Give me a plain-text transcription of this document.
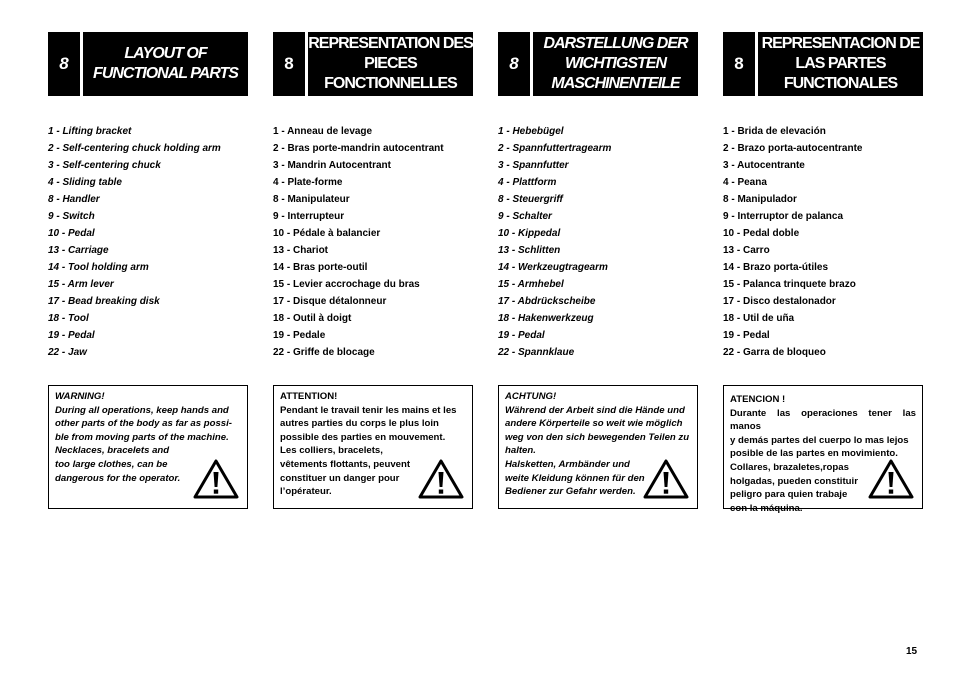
8
LAYOUT OF
FUNCTIONAL PARTS
1 - Lifting bracket
2 - Self-centering chuck holding arm
3 - Self-centering chuck
4 - Sliding table
8 - Handler
9 - Switch
10 - Pedal
13 - Carriage
14 - Tool holding arm
15 - Arm lever
17 - Bead breaking disk
18 - Tool
19 - Pedal
22 - Jaw

WARNING!

During all operations, keep hands and

other parts of the body as far as possi-

ble from moving parts of the machine.

Necklaces, bracelets and

too large clothes, can be

dangerous for the operator.

8
REPRESENTATION DES
PIECES
FONCTIONNELLES
1 - Anneau de levage
2 - Bras porte-mandrin autocentrant
3 - Mandrin Autocentrant
4 - Plate-forme
8 - Manipulateur
9 - Interrupteur
10 - Pédale à balancier
13 - Chariot
14 - Bras porte-outil
15 - Levier accrochage du bras
17 - Disque détalonneur
18 - Outil à doigt
19 - Pedale
22 - Griffe de blocage

ATTENTION!

Pendant le travail tenir les mains et les

autres parties du corps le plus loin

possible des parties en mouvement.

Les colliers, bracelets,

vêtements flottants, peuvent

constituer un danger pour

l’opérateur.

8
DARSTELLUNG DER
WICHTIGSTEN
MASCHINENTEILE
1 - Hebebügel
2 - Spannfuttertragearm
3 - Spannfutter
4 - Plattform
8 - Steuergriff
9 - Schalter
10 - Kippedal
13 - Schlitten
14 - Werkzeugtragearm
15 - Armhebel
17 - Abdrückscheibe
18 - Hakenwerkzeug
19 - Pedal
22 - Spannklaue

ACHTUNG!

Während der Arbeit sind die Hände und

andere Körperteile so weit wie möglich

weg von den sich bewegenden Teilen zu

halten.

Halsketten, Armbänder und

weite Kleidung können für den

Bediener zur Gefahr werden.

8
REPRESENTACION DE
LAS PARTES
FUNCTIONALES
1 - Brida de elevación
2 - Brazo porta-autocentrante
3 - Autocentrante
4 - Peana
8 - Manipulador
9 - Interruptor de palanca
10 - Pedal doble
13 - Carro
14 - Brazo porta-útiles
15 - Palanca trinquete brazo
17 - Disco destalonador
18 - Util de uña
19 - Pedal
22 - Garra de bloqueo

ATENCION !

Durante las operaciones tener las manos

y demás partes del cuerpo lo mas lejos

posible de las partes en movimiento.

Collares, brazaletes,ropas

holgadas, pueden constituir

peligro para quien trabaje

con la máquina.

15
